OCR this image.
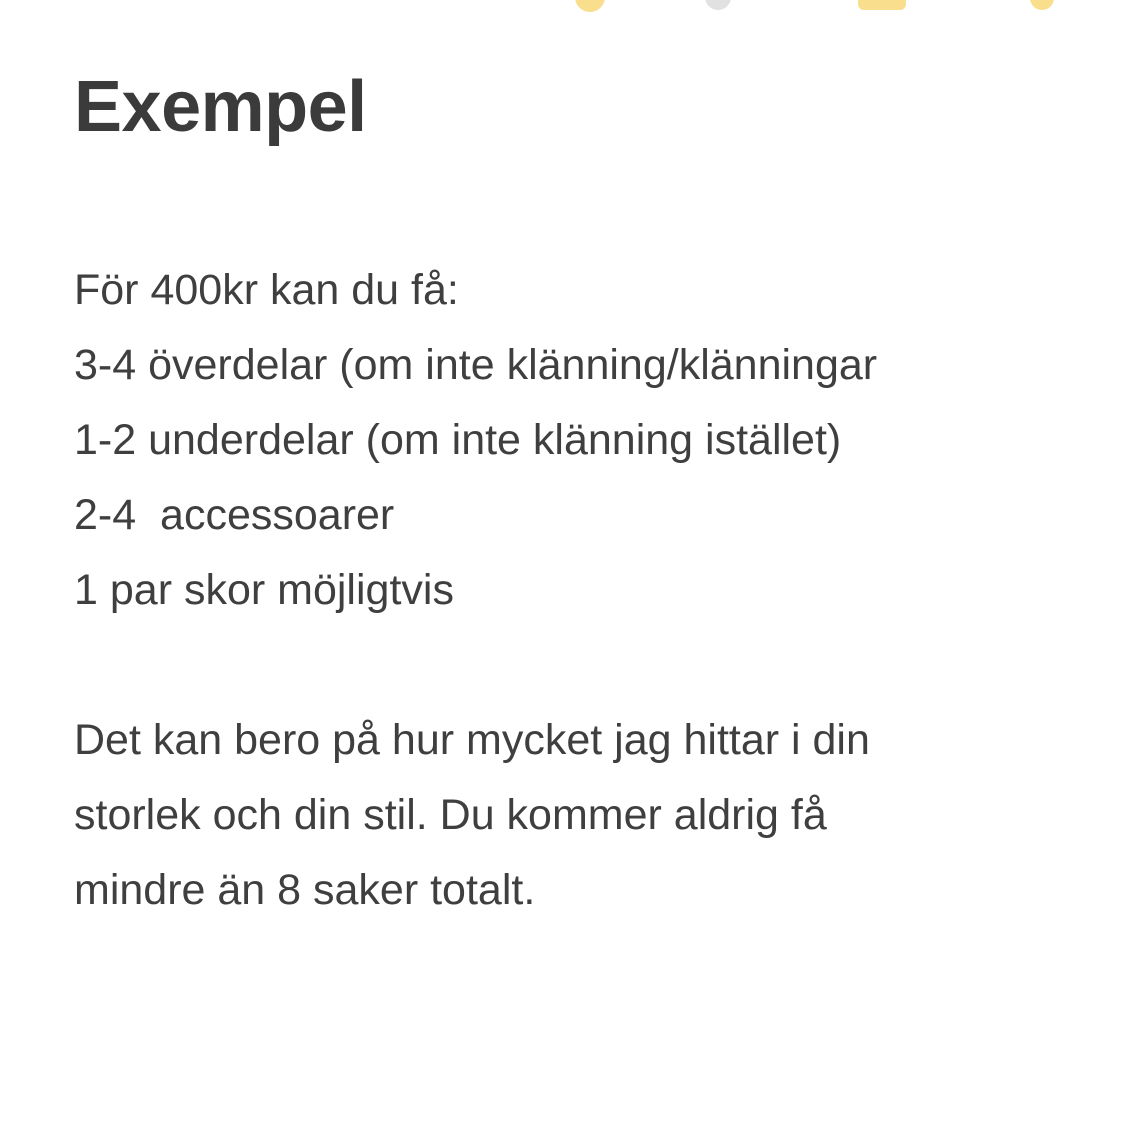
Exempel
För 400kr kan du få:
3-4 överdelar (om inte klänning/klänningar
1-2 underdelar (om inte klänning istället)
2-4  accessoarer
1 par skor möjligtvis
Det kan bero på hur mycket jag hittar i din
storlek och din stil. Du kommer aldrig få
mindre än 8 saker totalt.
